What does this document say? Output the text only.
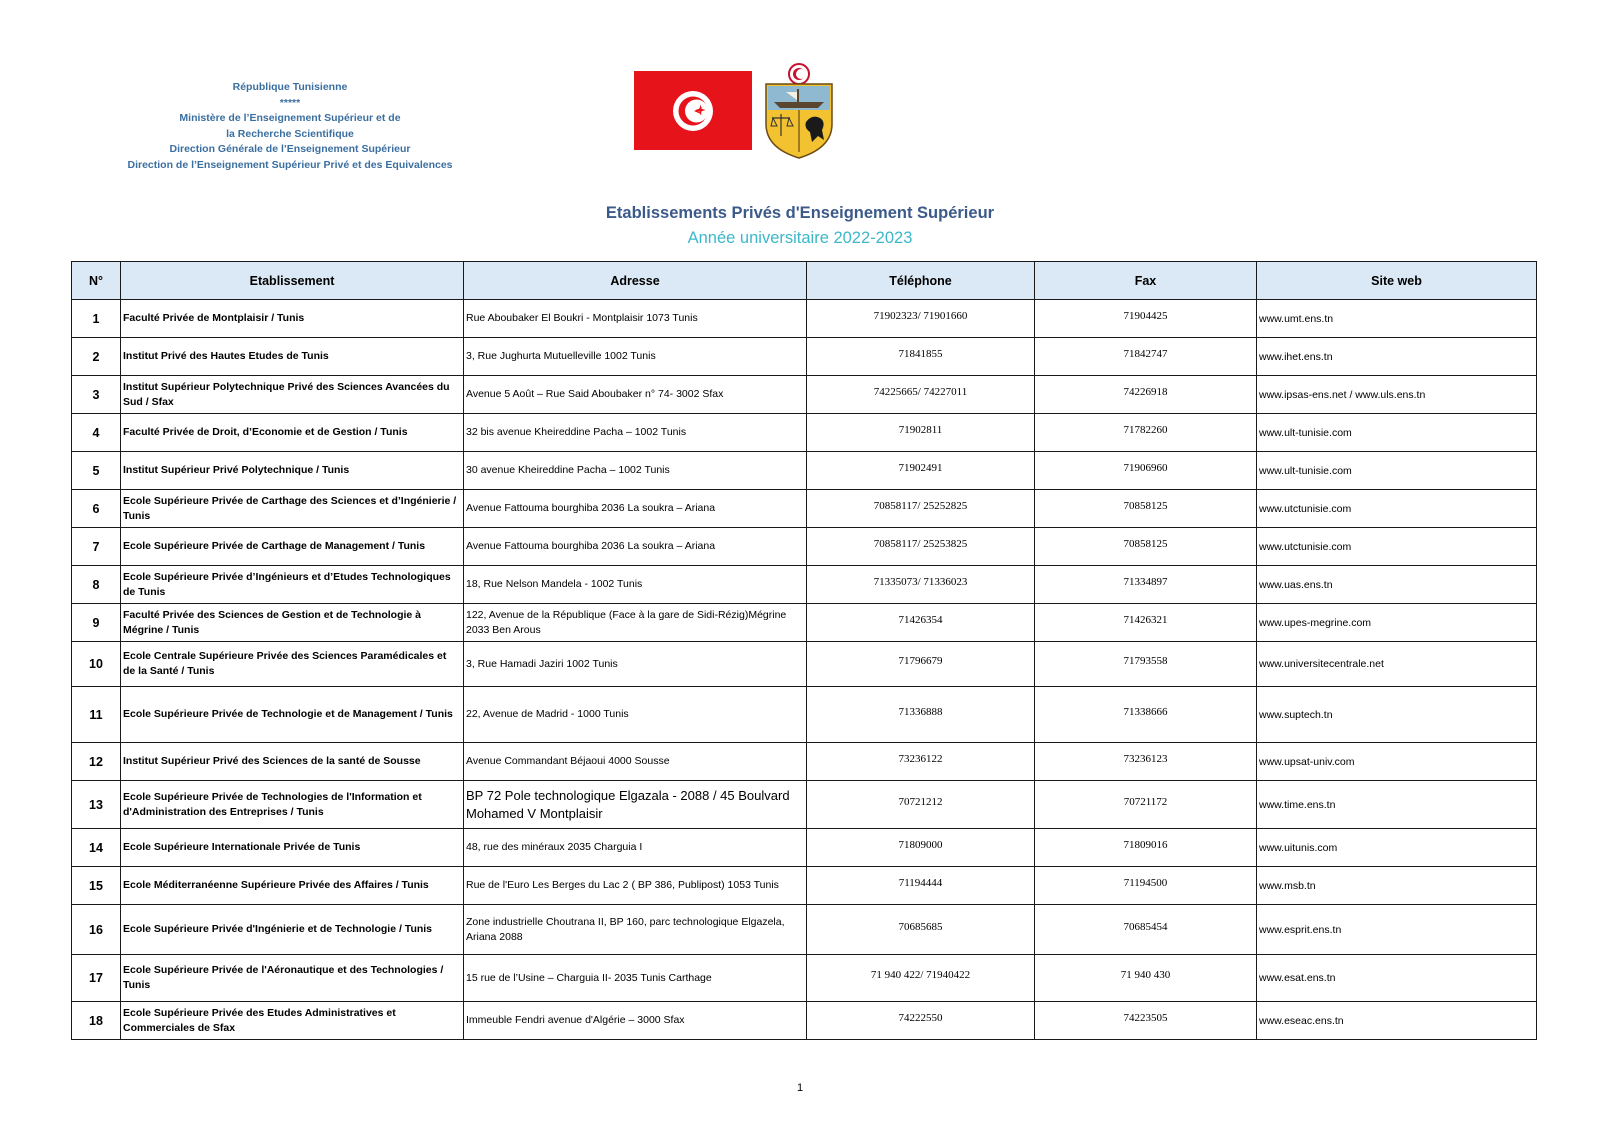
République Tunisienne
*****
Ministère de l’Enseignement Supérieur et de
la Recherche Scientifique
Direction Générale de l’Enseignement Supérieur
Direction de l’Enseignement Supérieur Privé et des Equivalences
Etablissements Privés d'Enseignement Supérieur
Année universitaire 2022-2023
N°	Etablissement	Adresse	Téléphone	Fax	Site web
1	Faculté Privée de Montplaisir / Tunis	Rue Aboubaker El Boukri - Montplaisir 1073 Tunis	71902323/ 71901660	71904425	www.umt.ens.tn
2	Institut Privé des Hautes Etudes de Tunis	3, Rue Jughurta Mutuelleville 1002 Tunis	71841855	71842747	www.ihet.ens.tn
3	Institut Supérieur Polytechnique Privé des Sciences Avancées du Sud / Sfax	Avenue 5 Août – Rue Said Aboubaker n° 74- 3002 Sfax	74225665/ 74227011	74226918	www.ipsas-ens.net / www.uls.ens.tn
4	Faculté Privée de Droit, d’Economie et de Gestion / Tunis	32 bis avenue Kheireddine Pacha – 1002 Tunis	71902811	71782260	www.ult-tunisie.com
5	Institut Supérieur Privé Polytechnique / Tunis	30 avenue Kheireddine Pacha – 1002 Tunis	71902491	71906960	www.ult-tunisie.com
6	Ecole Supérieure Privée de Carthage des Sciences et d’Ingénierie / Tunis	Avenue Fattouma bourghiba 2036 La soukra – Ariana	70858117/ 25252825	70858125	www.utctunisie.com
7	Ecole Supérieure Privée de Carthage de Management / Tunis	Avenue Fattouma bourghiba 2036 La soukra – Ariana	70858117/ 25253825	70858125	www.utctunisie.com
8	Ecole Supérieure Privée d’Ingénieurs et d’Etudes Technologiques de Tunis	18, Rue Nelson Mandela - 1002 Tunis	71335073/ 71336023	71334897	www.uas.ens.tn
9	Faculté Privée des Sciences de Gestion et de Technologie à Mégrine / Tunis	122, Avenue de la République (Face à la gare de Sidi-Rézig)Mégrine 2033 Ben Arous	71426354	71426321	www.upes-megrine.com
10	Ecole Centrale Supérieure Privée des Sciences Paramédicales et de la Santé / Tunis	3, Rue Hamadi Jaziri 1002 Tunis	71796679	71793558	www.universitecentrale.net
11	Ecole Supérieure Privée de Technologie et de Management / Tunis	22, Avenue de Madrid - 1000 Tunis	71336888	71338666	www.suptech.tn
12	Institut Supérieur Privé des Sciences de la santé de Sousse	Avenue Commandant Béjaoui 4000 Sousse	73236122	73236123	www.upsat-univ.com
13	Ecole Supérieure Privée de Technologies de l'Information et d'Administration des Entreprises / Tunis	BP 72 Pole technologique Elgazala - 2088 / 45 Boulvard Mohamed V Montplaisir	70721212	70721172	www.time.ens.tn
14	Ecole Supérieure Internationale Privée de Tunis	48, rue des minéraux 2035 Charguia I	71809000	71809016	www.uitunis.com
15	Ecole Méditerranéenne Supérieure Privée des Affaires / Tunis	Rue de l'Euro Les Berges du Lac 2 ( BP 386, Publipost) 1053 Tunis	71194444	71194500	www.msb.tn
16	Ecole Supérieure Privée d'Ingénierie et de Technologie / Tunis	Zone industrielle Choutrana II, BP 160, parc technologique Elgazela, Ariana 2088	70685685	70685454	www.esprit.ens.tn
17	Ecole Supérieure Privée de l'Aéronautique et des Technologies / Tunis	15 rue de l’Usine – Charguia II- 2035 Tunis Carthage	71 940 422/ 71940422	71 940 430	www.esat.ens.tn
18	Ecole Supérieure Privée des Etudes Administratives et Commerciales de Sfax	Immeuble Fendri avenue d'Algérie – 3000 Sfax	74222550	74223505	www.eseac.ens.tn
1
